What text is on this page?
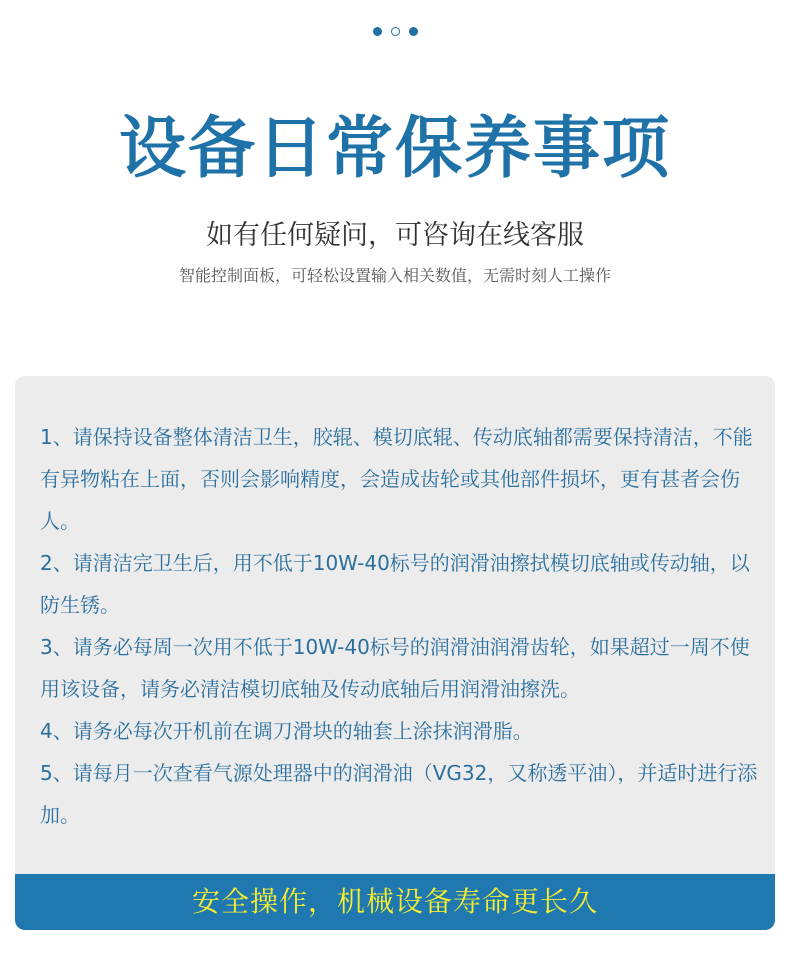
设备日常保养事项
如有任何疑问，可咨询在线客服
智能控制面板，可轻松设置输入相关数值，无需时刻人工操作
安全操作，机械设备寿命更长久

1、请保持设备整体清洁卫生，胶辊、模切底辊、传动底轴都需要保持清洁，不能有异物粘在上面，否则会影响精度，会造成齿轮或其他部件损坏，更有甚者会伤人。

2、请清洁完卫生后，用不低于10W-40标号的润滑油擦拭模切底轴或传动轴，以防生锈。

3、请务必每周一次用不低于10W-40标号的润滑油润滑齿轮，如果超过一周不使用该设备，请务必清洁模切底轴及传动底轴后用润滑油擦洗。

4、请务必每次开机前在调刀滑块的轴套上涂抹润滑脂。

5、请每月一次查看气源处理器中的润滑油（VG32，又称透平油），并适时进行添加。
